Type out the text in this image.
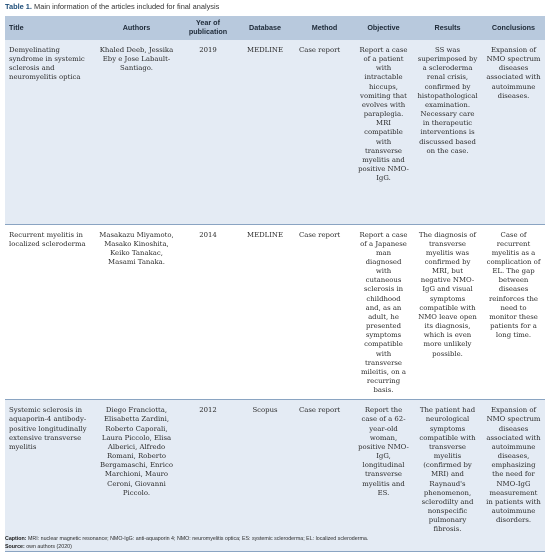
Table 1. Main information of the articles included for final analysis
Title	Authors	Year of publication	Database	Method	Objective	Results	Conclusions
Demyelinating syndrome in systemic sclerosis and neuromyelitis optica	Khaled Deeb, Jessika Eby e Jose Labault-Santiago.	2019	MEDLINE	Case report	Report a case of a patient with intractable hiccups, vomiting that evolves with paraplegia. MRI compatible with transverse myelitis and positive NMO-IgG.	SS was superimposed by a scleroderma renal crisis, confirmed by histopathological examination. Necessary care in therapeutic interventions is discussed based on the case.	Expansion of NMO spectrum diseases associated with autoimmune diseases.
Recurrent myelitis in localized scleroderma	Masakazu Miyamoto, Masako Kinoshita, Keiko Tanakac, Masami Tanaka.	2014	MEDLINE	Case report	Report a case of a Japanese man diagnosed with cutaneous sclerosis in childhood and, as an adult, he presented symptoms compatible with transverse mileitis, on a recurring basis.	The diagnosis of transverse myelitis was confirmed by MRI, but negative NMO-IgG and visual symptoms compatible with NMO leave open its diagnosis, which is even more unlikely possible.	Case of recurrent myelitis as a complication of EL. The gap between diseases reinforces the need to monitor these patients for a long time.
Systemic sclerosis in aquaporin-4 antibody-positive longitudinally extensive transverse myelitis	Diego Franciotta, Elisabetta Zardini, Roberto Caporali, Laura Piccolo, Elisa Alberici, Alfredo Romani, Roberto Bergamaschi, Enrico Marchioni, Mauro Ceroni, Giovanni Piccolo.	2012	Scopus	Case report	Report the case of a 62-year-old woman, positive NMO-IgG, longitudinal transverse myelitis and ES.	The patient had neurological symptoms compatible with transverse myelitis (confirmed by MRI) and Raynaud's phenomenon, sclerodilty and nonspecific pulmonary fibrosis.	Expansion of NMO spectrum diseases associated with autoimmune diseases, emphasizing the need for NMO-IgG measurement in patients with autoimmune disorders.
Caption: MRI: nuclear magnetic resonance; NMO-IgG: anti-aquaporin 4; NMO: neuromyelitis optica; ES: systemic scleroderma; EL: localized scleroderma.
Source: own authors (2020)
